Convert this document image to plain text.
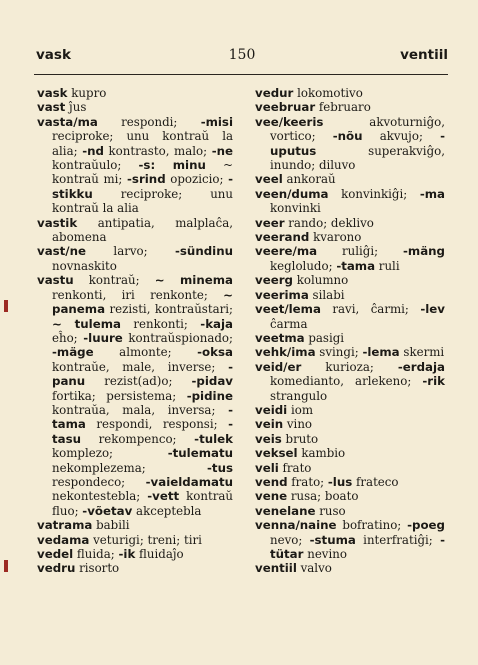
vask	150	ventiil

vask kupro

vast ĵus

vasta/ma respondi; -misi reciproke; unu kontraŭ la alia; -nd kontrasto, malo; -ne kontraŭulo; -s: minu ~ kontraŭ mi; -srind opozicio; -stikku reciproke; unu kontraŭ la alia

vastik antipatia, malplaĉa, abomena

vast/ne larvo; -sündinu novnaskito

vastu kontraŭ; ~ minema renkonti, iri renkonte; ~ panema rezisti, kontraŭstari; ~ tulema renkonti; -kaja eĥo; -luure kontraŭspionado; -mäge almonte; -oksa kontraŭe, male, inverse; -panu rezist(ad)o; -pidav fortika; persistema; -pidine kontraŭa, mala, inversa; -tama respondi, responsi; -tasu rekompenco; -tulek komplezo; -tulematu nekomplezema; -tus respondeco; -vaieldamatu nekontestebla; -vett kontraŭ fluo; -võetav akceptebla

vatrama babili

vedama veturigi; treni; tiri

vedel fluida; -ik fluidaĵo

vedru risorto

vedur lokomotivo

veebruar februaro

vee/keeris akvoturniĝo, vortico; -nõu akvujo; -uputus superakviĝo, inundo; diluvo

veel ankoraŭ

veen/duma konvinkiĝi; -ma konvinki

veer rando; deklivo

veerand kvarono

veere/ma ruliĝi; -mäng kegloludo; -tama ruli

veerg kolumno

veerima silabi

veet/lema ravi, ĉarmi; -lev ĉarma

veetma pasigi

vehk/ima svingi; -lema skermi

veid/er kurioza; -erdaja komedianto, arlekeno; -rik strangulo

veidi iom

vein vino

veis bruto

veksel kambio

veli frato

vend frato; -lus frateco

vene rusa; boato

venelane ruso

venna/naine bofratino; -poeg nevo; -stuma interfratiĝi; -tütar nevino

ventiil valvo
